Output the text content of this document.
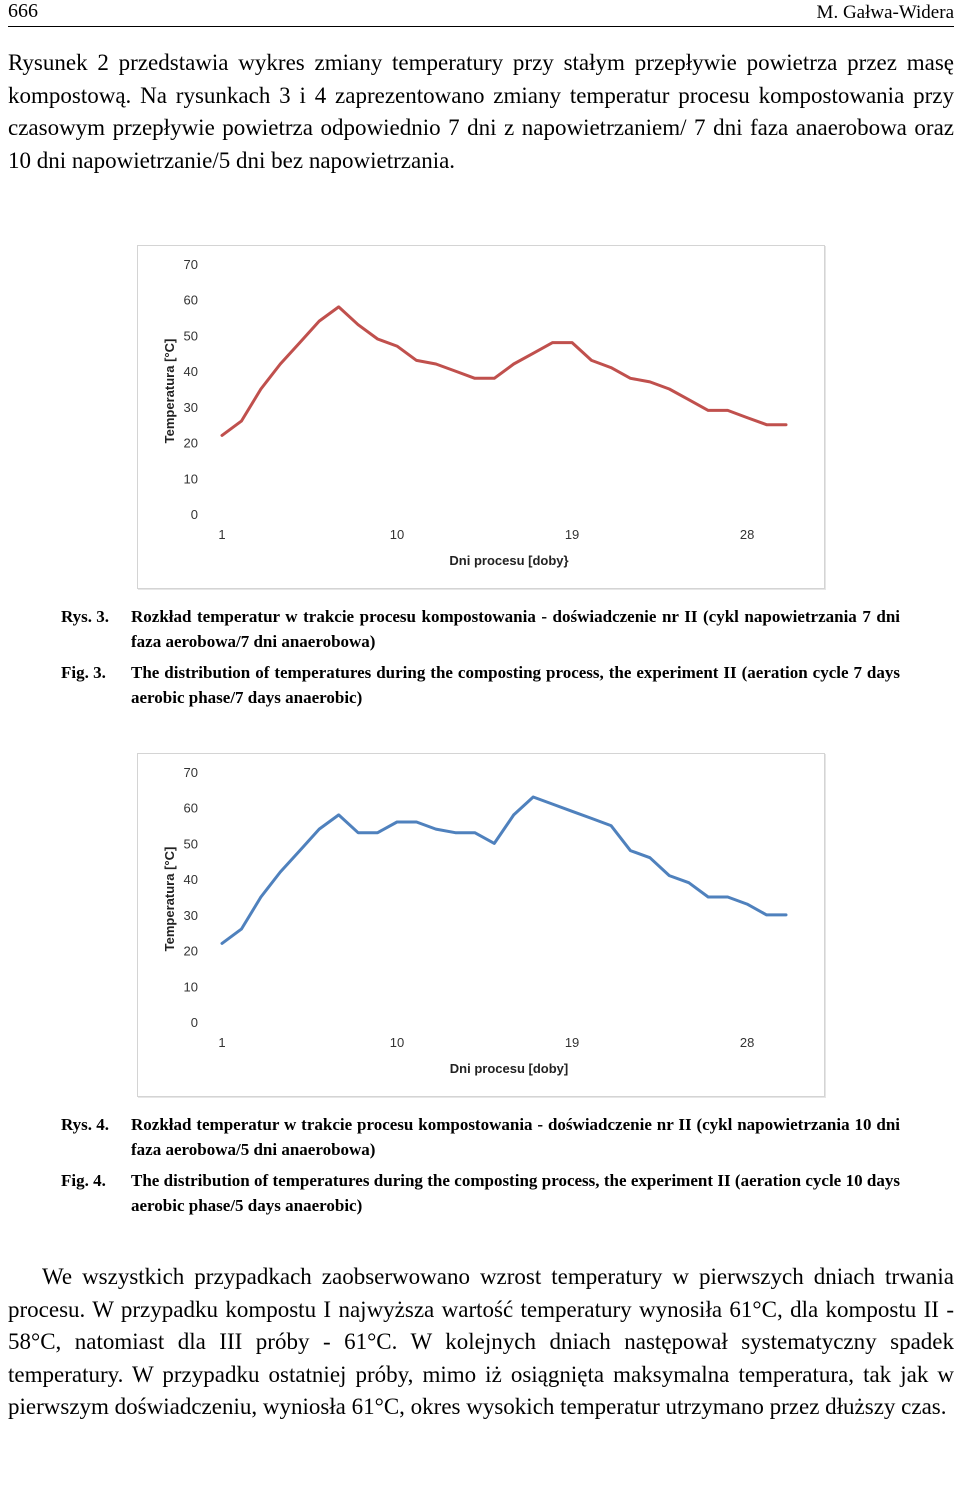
666	M. Gałwa-Widera

Rysunek 2 przedstawia wykres zmiany temperatury przy stałym przepływie powietrza przez masę kompostową. Na rysunkach 3 i 4 zaprezentowano zmiany temperatur procesu kompostowania przy czasowym przepływie powietrza odpowiednio 7 dni z napowietrzaniem/ 7 dni faza anaerobowa oraz 10 dni napowietrzanie/5 dni bez napowietrzania.

0
10
20
30
40
50
60
70
1	10	19	28
Dni procesu [doby}
Temperatura [°C]
Rys. 3. Rozkład temperatur w trakcie procesu kompostowania - doświadczenie nr II (cykl napowietrzania 7 dni faza aerobowa/7 dni anaerobowa)
Fig. 3. The distribution of temperatures during the composting process, the experiment II (aeration cycle 7 days aerobic phase/7 days anaerobic)
0
10
20
30
40
50
60
70
1	10	19	28
Dni procesu [doby]
Temperatura [°C]
Rys. 4. Rozkład temperatur w trakcie procesu kompostowania - doświadczenie nr II (cykl napowietrzania 10 dni faza aerobowa/5 dni anaerobowa)
Fig. 4. The distribution of temperatures during the composting process, the experiment II (aeration cycle 10 days aerobic phase/5 days anaerobic)

We wszystkich przypadkach zaobserwowano wzrost temperatury w pierwszych dniach trwania procesu. W przypadku kompostu I najwyższa wartość temperatury wynosiła 61°C, dla kompostu II - 58°C, natomiast dla III próby - 61°C. W kolejnych dniach następował systematyczny spadek temperatury. W przypadku ostatniej próby, mimo iż osiągnięta maksymalna temperatura, tak jak w pierwszym doświadczeniu, wyniosła 61°C, okres wysokich temperatur utrzymano przez dłuższy czas.
